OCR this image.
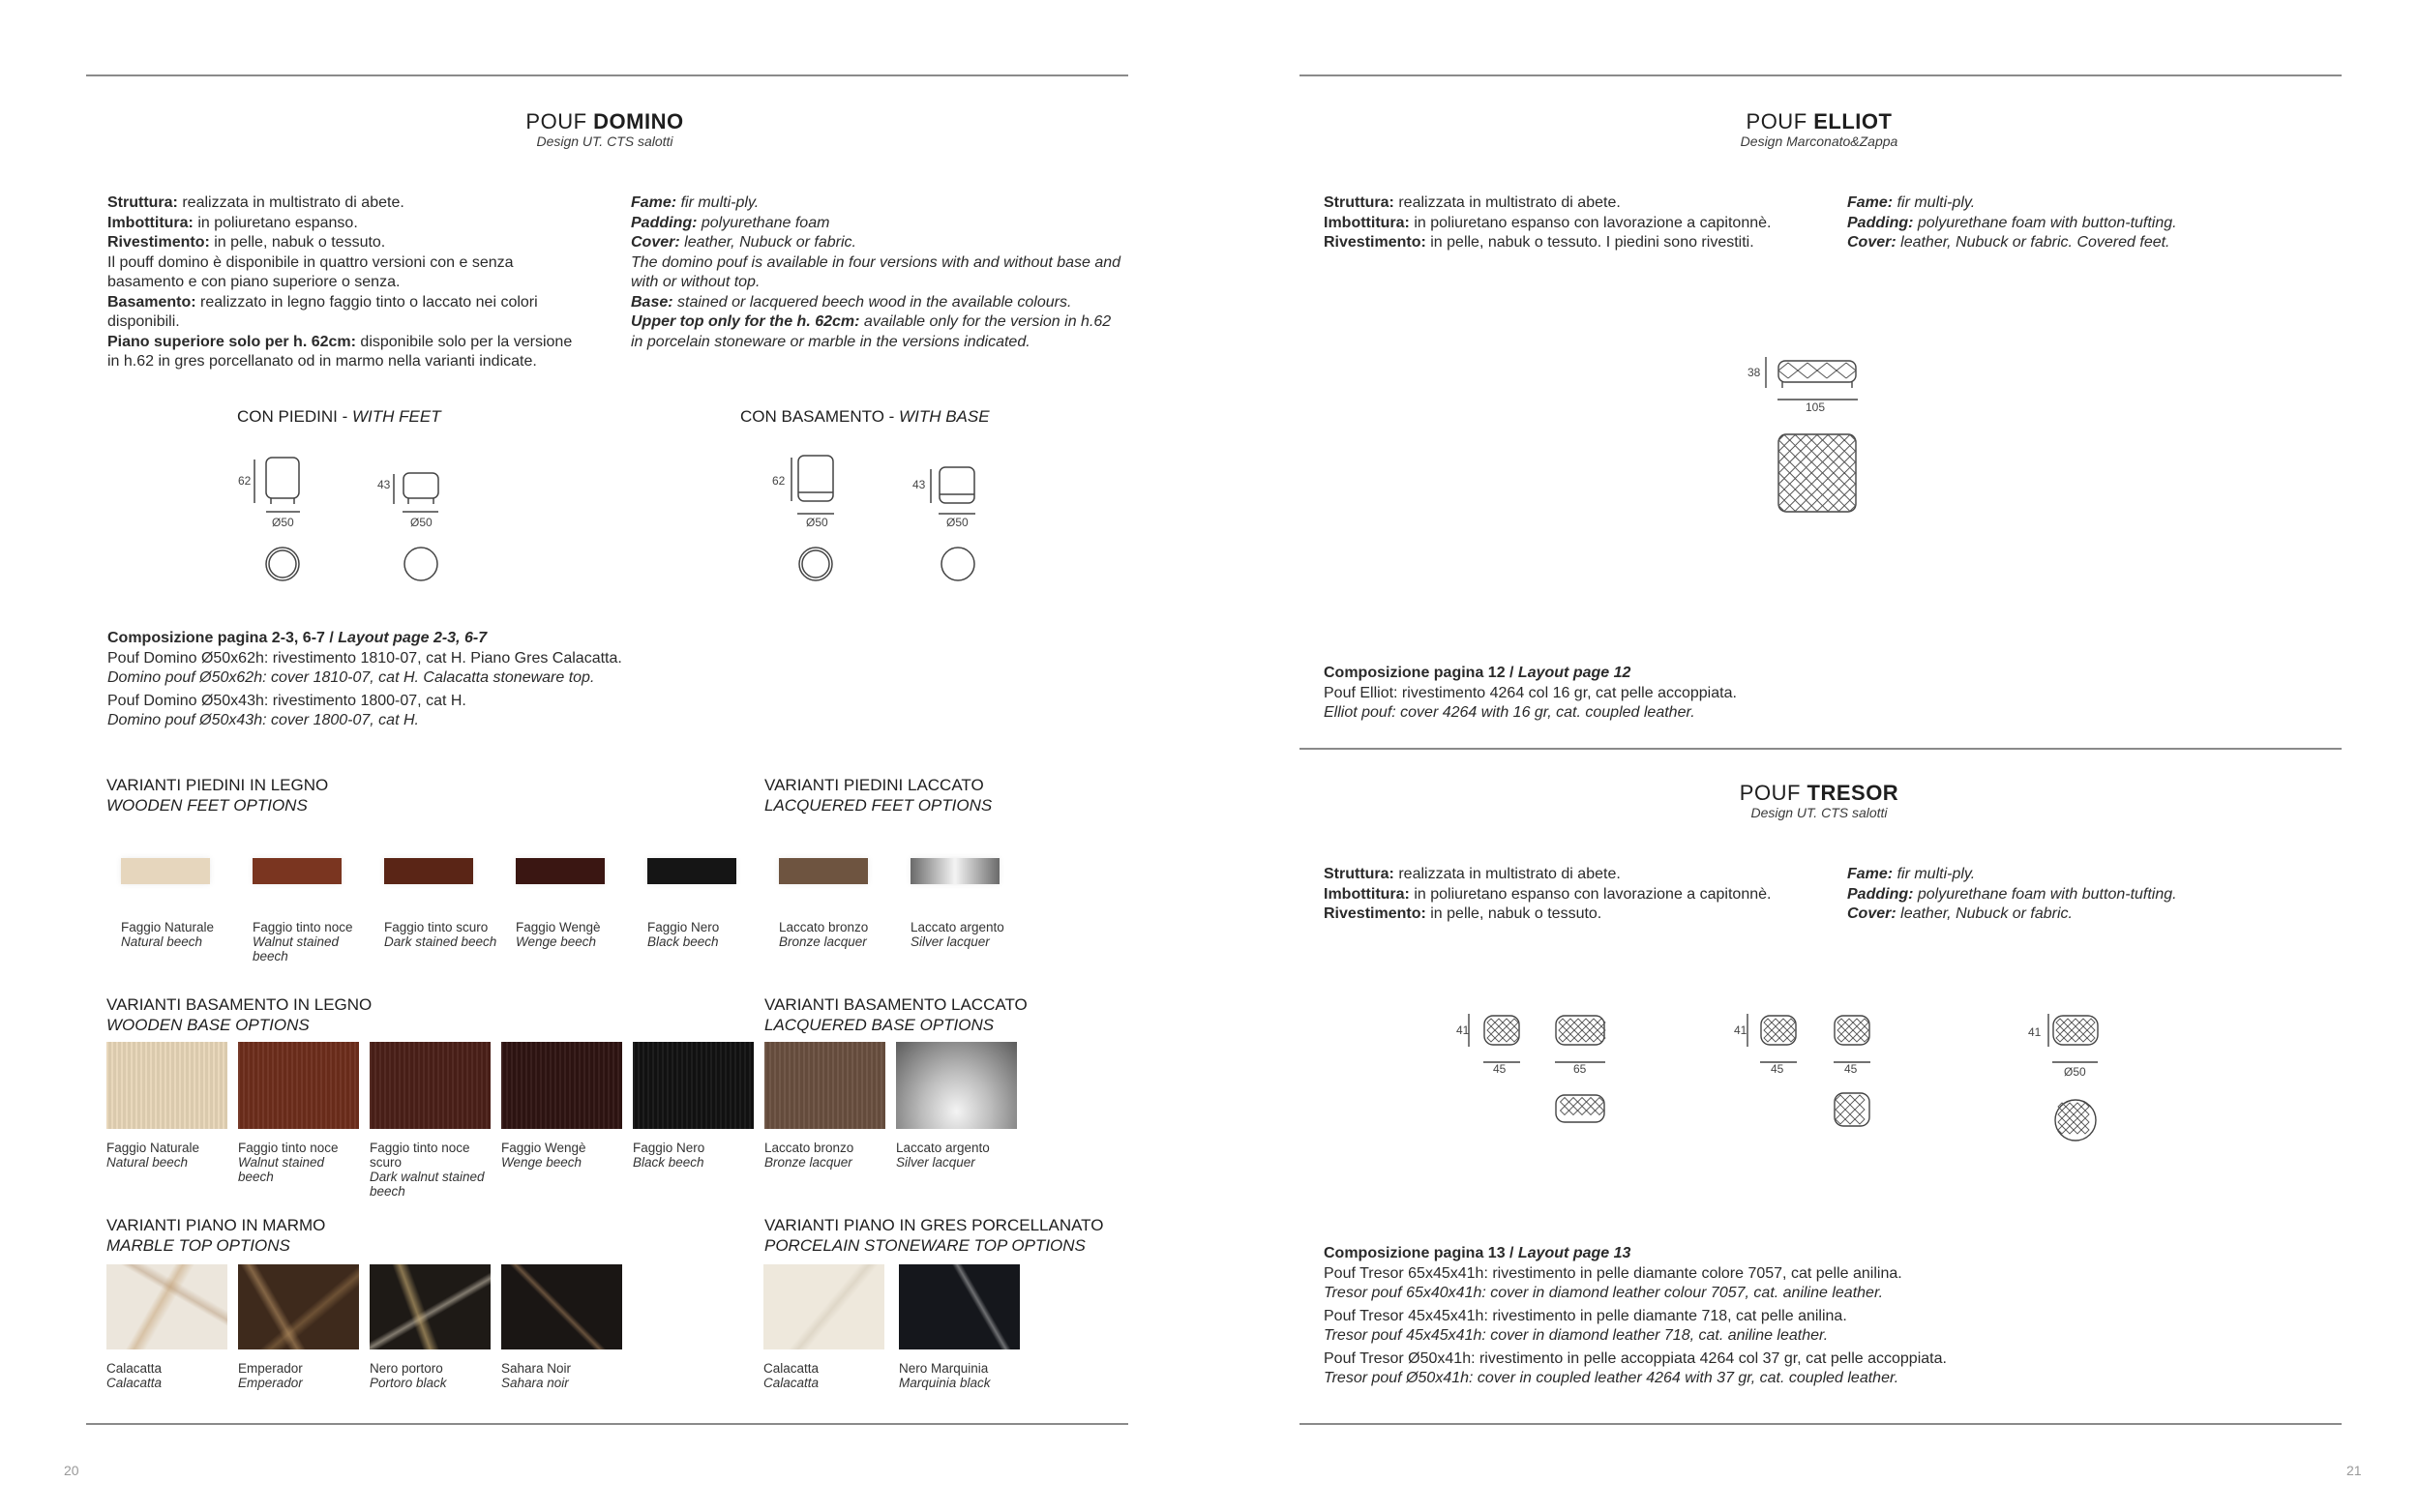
POUF DOMINO
Design UT. CTS salotti

Struttura: realizzata in multistrato di abete.

Imbottitura: in poliuretano espanso.

Rivestimento: in pelle, nabuk o tessuto.

Il pouff domino è disponibile in quattro versioni con e senza basamento e con piano superiore o senza.

Basamento: realizzato in legno faggio tinto o laccato nei colori disponibili.

Piano superiore solo per h. 62cm: disponibile solo per la versione in h.62 in gres porcellanato od in marmo nella varianti indicate.

Fame: fir multi-ply.

Padding: polyurethane foam

Cover: leather, Nubuck or fabric.

The domino pouf is available in four versions with and without base and with or without top.

Base: stained or lacquered beech wood in the available colours.

Upper top only for the h. 62cm: available only for the version in h.62 in porcelain stoneware or marble in the versions indicated.

CON PIEDINI - WITH FEET	CON BASAMENTO - WITH BASE
62	43
Ø50	Ø50
62	43
Ø50	Ø50

Composizione pagina 2-3, 6-7 / Layout page 2-3, 6-7

Pouf Domino Ø50x62h: rivestimento 1810-07, cat H. Piano Gres Calacatta.

Domino pouf Ø50x62h: cover 1810-07, cat H. Calacatta stoneware top.

Pouf Domino Ø50x43h: rivestimento 1800-07, cat H.

Domino pouf Ø50x43h: cover 1800-07, cat H.

VARIANTI PIEDINI IN LEGNO
WOODEN FEET OPTIONS
VARIANTI PIEDINI LACCATO
LACQUERED FEET OPTIONS
Faggio Naturale
Natural beech
Faggio tinto noce
Walnut stained beech
Faggio tinto scuro
Dark stained beech
Faggio Wengè
Wenge beech
Faggio Nero
Black beech
Laccato bronzo
Bronze lacquer
Laccato argento
Silver lacquer
VARIANTI BASAMENTO IN LEGNO
WOODEN BASE OPTIONS
VARIANTI BASAMENTO LACCATO
LACQUERED BASE OPTIONS
Faggio Naturale
Natural beech
Faggio tinto noce
Walnut stained beech
Faggio tinto noce scuro
Dark walnut stained beech
Faggio Wengè
Wenge beech
Faggio Nero
Black beech
Laccato bronzo
Bronze lacquer
Laccato argento
Silver lacquer
VARIANTI PIANO IN MARMO
MARBLE TOP OPTIONS
VARIANTI PIANO IN GRES PORCELLANATO
PORCELAIN STONEWARE TOP OPTIONS
Calacatta
Calacatta
Emperador
Emperador
Nero portoro
Portoro black
Sahara Noir
Sahara noir
Calacatta
Calacatta
Nero Marquinia
Marquinia black
POUF ELLIOT
Design Marconato&Zappa

Struttura: realizzata in multistrato di abete.

Imbottitura: in poliuretano espanso con lavorazione a capitonnè.

Rivestimento: in pelle, nabuk o tessuto. I piedini sono rivestiti.

Fame: fir multi-ply.

Padding: polyurethane foam with button-tufting.

Cover: leather, Nubuck or fabric. Covered feet.

38
105

Composizione pagina 12 / Layout page 12

Pouf Elliot: rivestimento 4264 col 16 gr, cat pelle accoppiata.

Elliot pouf: cover 4264 with 16 gr, cat. coupled leather.

POUF TRESOR
Design UT. CTS salotti

Struttura: realizzata in multistrato di abete.

Imbottitura: in poliuretano espanso con lavorazione a capitonnè.

Rivestimento: in pelle, nabuk o tessuto.

Fame: fir multi-ply.

Padding: polyurethane foam with button-tufting.

Cover: leather, Nubuck or fabric.

41
45	65
41
45	45
41
Ø50

Composizione pagina 13 / Layout page 13

Pouf Tresor 65x45x41h: rivestimento in pelle diamante colore 7057, cat pelle anilina.

Tresor pouf 65x40x41h: cover in diamond leather colour 7057, cat. aniline leather.

Pouf Tresor 45x45x41h: rivestimento in pelle diamante 718, cat pelle anilina.

Tresor pouf 45x45x41h: cover in diamond leather 718, cat. aniline leather.

Pouf Tresor Ø50x41h: rivestimento in pelle accoppiata 4264 col 37 gr, cat pelle accoppiata.

Tresor pouf Ø50x41h: cover in coupled leather 4264 with 37 gr, cat. coupled leather.

20	21
